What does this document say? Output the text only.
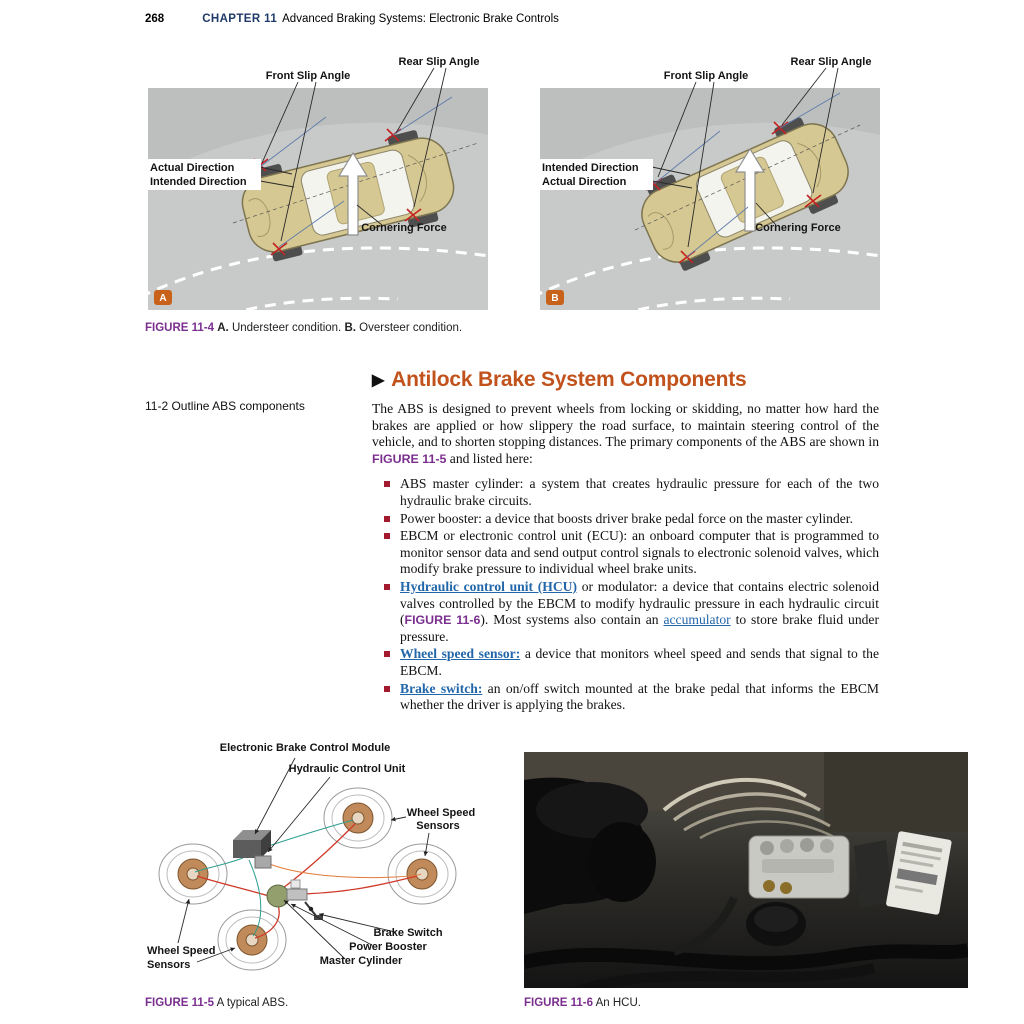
268	CHAPTER 11 Advanced Braking Systems: Electronic Brake Controls
Front Slip Angle
Rear Slip Angle
Actual Direction
Intended Direction
Cornering Force
A
Front Slip Angle
Rear Slip Angle
Intended Direction
Actual Direction
Cornering Force
B

FIGURE 11-4 A. Understeer condition. B. Oversteer condition.

11-2 Outline ABS components

▶ Antilock Brake System Components

The ABS is designed to prevent wheels from locking or skidding, no matter how hard the brakes are applied or how slippery the road surface, to maintain steering control of the vehicle, and to shorten stopping distances. The primary components of the ABS are shown in FIGURE 11-5 and listed here:

ABS master cylinder: a system that creates hydraulic pressure for each of the two hydraulic brake circuits.
Power booster: a device that boosts driver brake pedal force on the master cylinder.
EBCM or electronic control unit (ECU): an onboard computer that is programmed to monitor sensor data and send output control signals to electronic solenoid valves, which modify brake pressure to individual wheel brake units.
Hydraulic control unit (HCU) or modulator: a device that contains electric solenoid valves controlled by the EBCM to modify hydraulic pressure in each hydraulic circuit (FIGURE 11-6). Most systems also contain an accumulator to store brake fluid under pressure.
Wheel speed sensor: a device that monitors wheel speed and sends that signal to the EBCM.
Brake switch: an on/off switch mounted at the brake pedal that informs the EBCM whether the driver is applying the brakes.
Electronic Brake Control Module
Hydraulic Control Unit
Wheel Speed
Sensors
Brake Switch
Power Booster
Master Cylinder
Wheel Speed
Sensors

FIGURE 11-5 A typical ABS.	FIGURE 11-6 An HCU.
